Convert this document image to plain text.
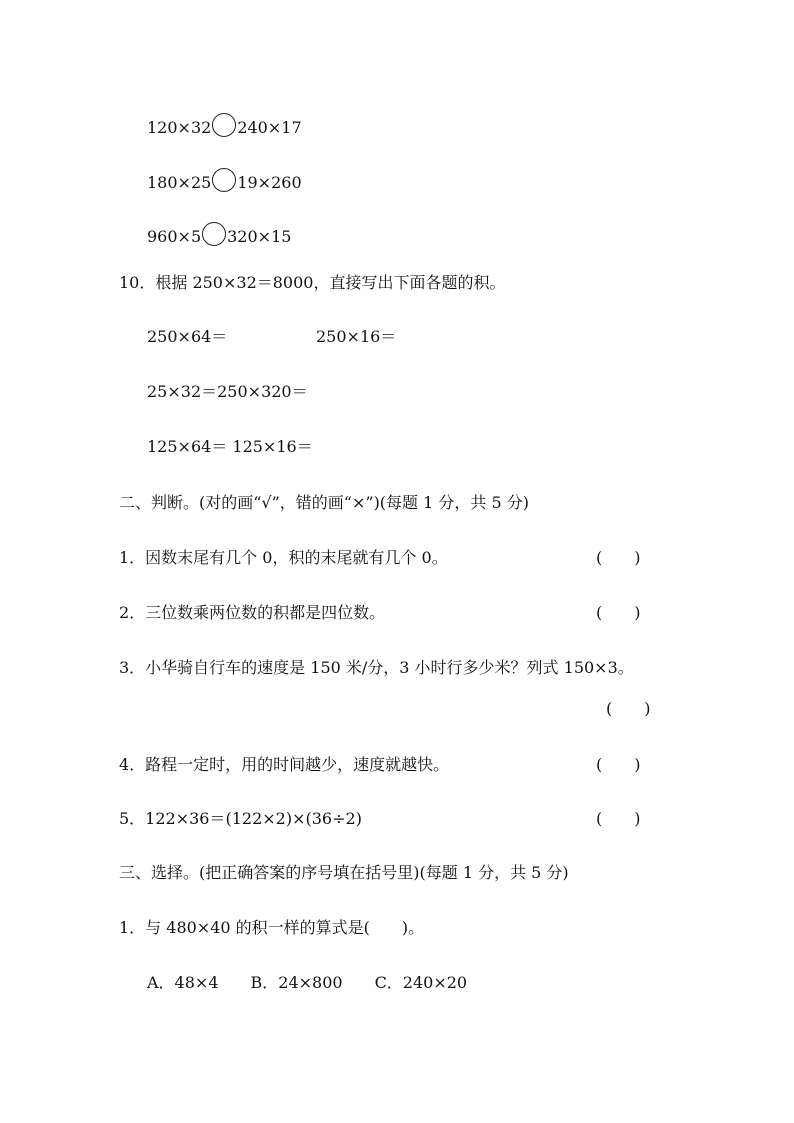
120×32 240×17
180×25 19×260
960×5 320×15
10．根据 250×32＝8000，直接写出下面各题的积。
250×64＝	250×16＝
25×32＝250×320＝
125×64＝ 125×16＝
二、判断。(对的画“√”，错的画“×”)(每题 1 分，共 5 分)
1．因数末尾有几个 0，积的末尾就有几个 0。	(　　)
2．三位数乘两位数的积都是四位数。	(　　)
3．小华骑自行车的速度是 150 米/分，3 小时行多少米？列式 150×3。
(　　)
4．路程一定时，用的时间越少，速度就越快。	(　　)
5．122×36＝(122×2)×(36÷2)	(　　)
三、选择。(把正确答案的序号填在括号里)(每题 1 分，共 5 分)
1．与 480×40 的积一样的算式是(　　)。
A．48×4　　B．24×800　　C．240×20
